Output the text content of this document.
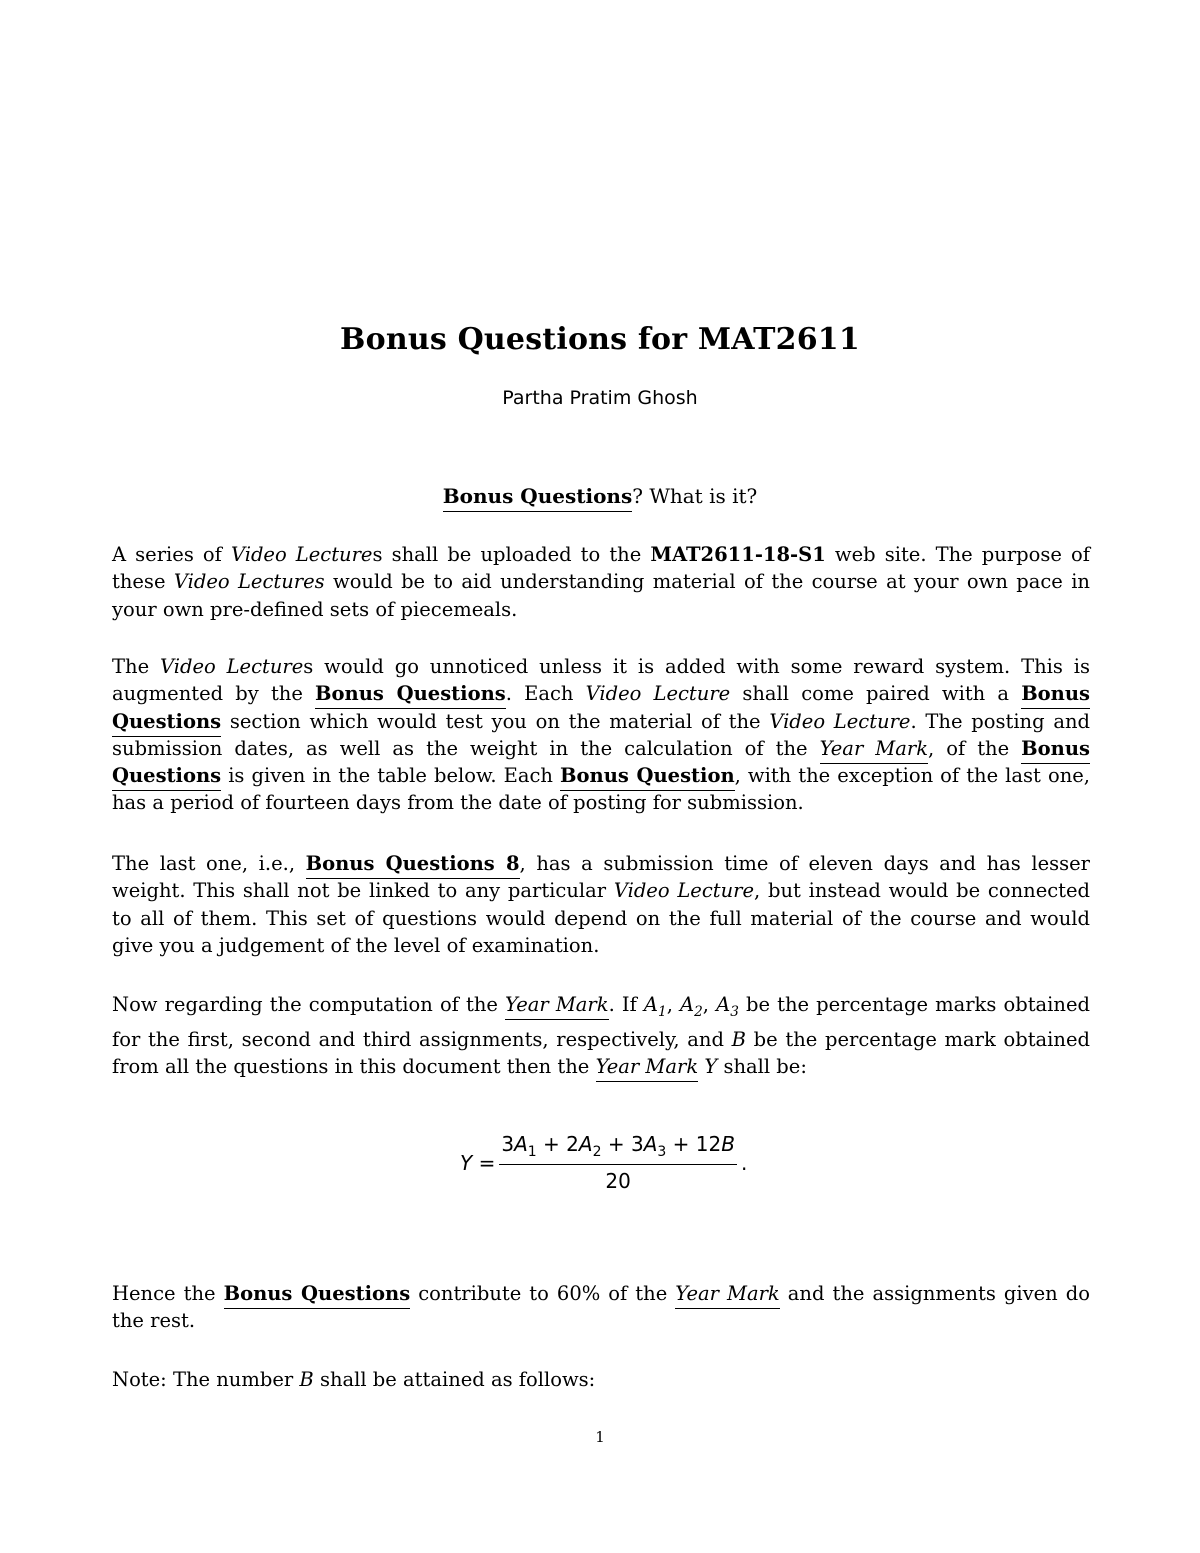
Bonus Questions for MAT2611
Partha Pratim Ghosh
Bonus Questions? What is it?
A series of Video Lectures shall be uploaded to the MAT2611-18-S1 web site. The purpose of these Video Lectures would be to aid understanding material of the course at your own pace in your own pre-defined sets of piecemeals.
The Video Lectures would go unnoticed unless it is added with some reward system. This is augmented by the Bonus Questions. Each Video Lecture shall come paired with a Bonus Questions section which would test you on the material of the Video Lecture. The posting and submission dates, as well as the weight in the calculation of the Year Mark, of the Bonus Questions is given in the table below. Each Bonus Question, with the exception of the last one, has a period of fourteen days from the date of posting for submission.
The last one, i.e., Bonus Questions 8, has a submission time of eleven days and has lesser weight. This shall not be linked to any particular Video Lecture, but instead would be connected to all of them. This set of questions would depend on the full material of the course and would give you a judgement of the level of examination.
Now regarding the computation of the Year Mark. If $A_1$, $A_2$, $A_3$ be the percentage marks obtained for the first, second and third assignments, respectively, and B be the percentage mark obtained from all the questions in this document then the Year Mark Y shall be:
$Y = \frac{3A_1 + 2A_2 + 3A_3 + 12B}{20}$ .
Hence the Bonus Questions contribute to 60% of the Year Mark and the assignments given do the rest.
Note: The number B shall be attained as follows:
1
